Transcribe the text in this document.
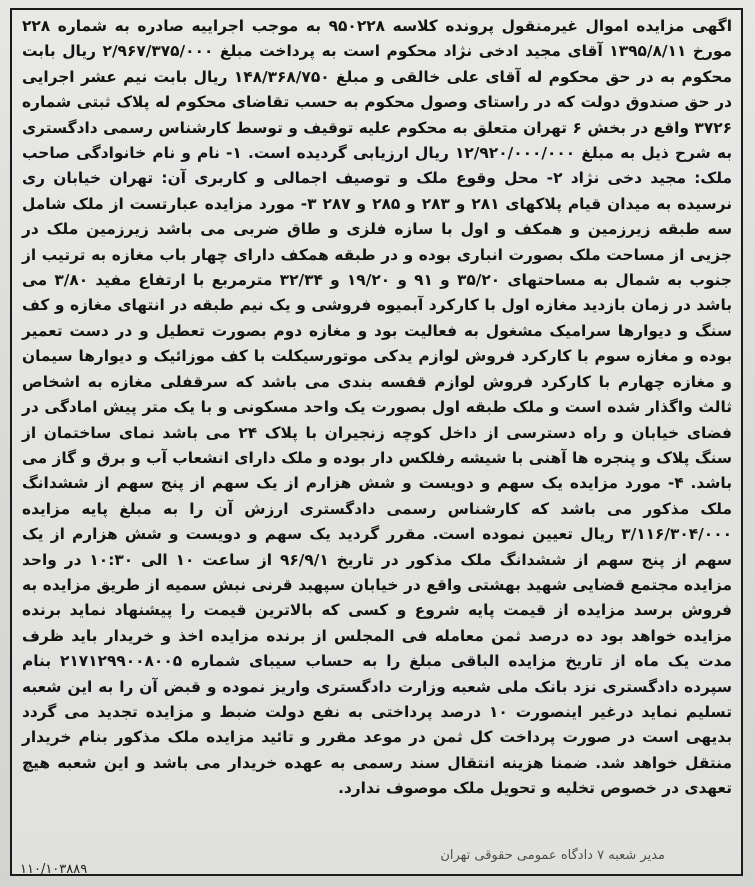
اگهی مزایده اموال غیرمنقول پرونده کلاسه ۹۵۰۲۲۸ به موجب اجراییه صادره به شماره ۲۲۸ مورخ ۱۳۹۵/۸/۱۱ آقای مجید ادخی نژاد محکوم است به پرداخت مبلغ ۲/۹۶۷/۳۷۵/۰۰۰ ریال بابت محکوم به در حق محکوم له آقای علی خالقی و مبلغ ۱۴۸/۳۶۸/۷۵۰ ریال بابت نیم عشر اجرایی در حق صندوق دولت که در راستای وصول محکوم به حسب تقاضای محکوم له پلاک ثبتی شماره ۳۷۲۶ واقع در بخش ۶ تهران متعلق به محکوم علیه توقیف و توسط کارشناس رسمی دادگستری به شرح ذیل به مبلغ ۱۲/۹۲۰/۰۰۰/۰۰۰ ریال ارزیابی گردیده است. ۱- نام و نام خانوادگی صاحب ملک: مجید دخی نژاد ۲- محل وقوع ملک و توصیف اجمالی و کاربری آن: تهران خیابان ری نرسیده به میدان قیام پلاکهای ۲۸۱ و ۲۸۳ و ۲۸۵ و ۲۸۷ ۳- مورد مزایده عبارتست از ملک شامل سه طبقه زیرزمین و همکف و اول با سازه فلزی و طاق ضربی می باشد زیرزمین ملک در جزیی از مساحت ملک بصورت انباری بوده و در طبقه همکف دارای چهار باب مغازه به ترتیب از جنوب به شمال به مساحتهای ۳۵/۲۰ و ۹۱ و ۱۹/۲۰ و ۳۲/۳۴ مترمربع با ارتفاع مفید ۳/۸۰ می باشد در زمان بازدید مغازه اول با کارکرد آبمیوه فروشی و یک نیم طبقه در انتهای مغازه و کف سنگ و دیوارها سرامیک مشغول به فعالیت بود و مغازه دوم بصورت تعطیل و در دست تعمیر بوده و مغازه سوم با کارکرد فروش لوازم یدکی موتورسیکلت با کف موزائیک و دیوارها سیمان و مغازه چهارم با کارکرد فروش لوازم قفسه بندی می باشد که سرقفلی مغازه به اشخاص ثالث واگذار شده است و ملک طبقه اول بصورت یک واحد مسکونی و با یک متر پیش امادگی در فضای خیابان و راه دسترسی از داخل کوچه زنجیران با پلاک ۲۴ می باشد نمای ساختمان از سنگ پلاک و پنجره ها آهنی با شیشه رفلکس دار بوده و ملک دارای انشعاب آب و برق و گاز می باشد. ۴- مورد مزایده یک سهم و دویست و شش هزارم از یک سهم از پنج سهم از ششدانگ ملک مذکور می باشد که کارشناس رسمی دادگستری ارزش آن را به مبلغ پایه مزایده ۳/۱۱۶/۳۰۴/۰۰۰ ریال تعیین نموده است. مقرر گردید یک سهم و دویست و شش هزارم از یک سهم از پنج سهم از ششدانگ ملک مذکور در تاریخ ۹۶/۹/۱ از ساعت ۱۰ الی ۱۰:۳۰ در واحد مزایده مجتمع قضایی شهید بهشتی واقع در خیابان سپهبد قرنی نبش سمیه از طریق مزایده به فروش برسد مزایده از قیمت پایه شروع و کسی که بالاترین قیمت را پیشنهاد نماید برنده مزایده خواهد بود ده درصد ثمن معامله فی المجلس از برنده مزایده اخذ و خریدار باید ظرف مدت یک ماه از تاریخ مزایده الباقی مبلغ را به حساب سیبای شماره ۲۱۷۱۲۹۹۰۰۸۰۰۵ بنام سپرده دادگستری نزد بانک ملی شعبه وزارت دادگستری واریز نموده و قبض آن را به این شعبه تسلیم نماید درغیر اینصورت ۱۰ درصد پرداختی به نفع دولت ضبط و مزایده تجدید می گردد بدیهی است در صورت پرداخت کل ثمن در موعد مقرر و تائید مزایده ملک مذکور بنام خریدار منتقل خواهد شد. ضمنا هزینه انتقال سند رسمی به عهده خریدار می باشد و این شعبه هیچ تعهدی در خصوص تخلیه و تحویل ملک موصوف ندارد.

مدیر شعبه ۷ دادگاه عمومی حقوقی تهران
۱۱۰/۱۰۳۸۸۹
